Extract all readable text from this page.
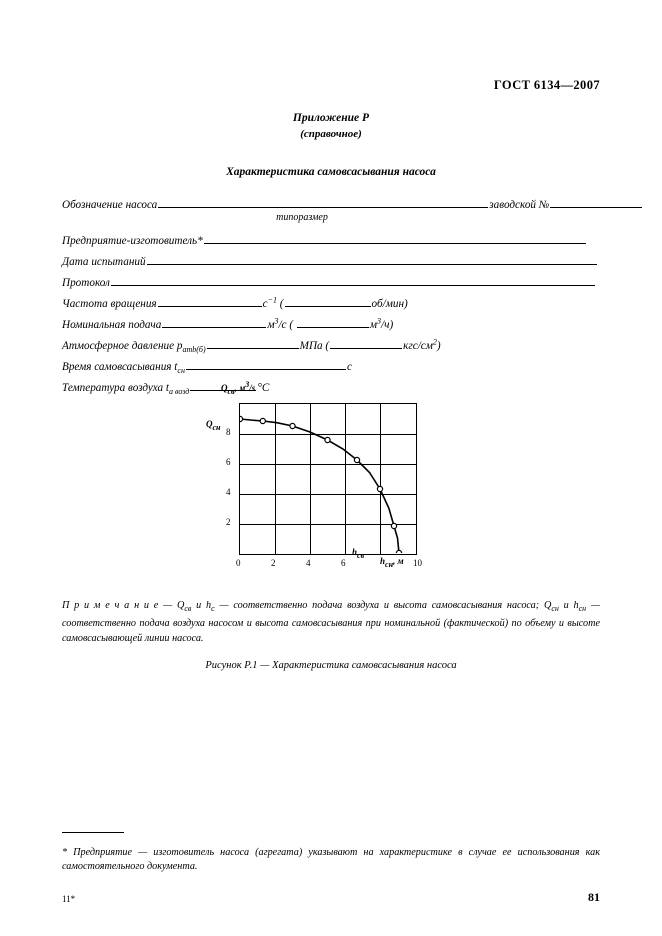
ГОСТ 6134—2007
Приложение Р
(справочное)
Характеристика самовсасывания насоса
Обозначение насоса	заводской №
типоразмер
Предприятие-изготовитель*
Дата испытаний
Протокол
Частота вращения	$с^{-1}$ (	об/мин)
Номинальная подача	$м^3/с$ (	$м^3/ч$)
Атмосферное давление $p_{amb(б)}$	МПа (	кгс/$см^2$)
Время самовсасывания $t_{сн}$	с
Температура воздуха $t_{а возд}$	°С
$Q_{св}$, $м^3/s$
$Q_{сн}$ 8
6
4
2
0	2	4	6	10
$h_{св}$
$h_{сн}$, м
П р и м е ч а н и е — $Q_{св}$ и $h_с$ — соответственно подача воздуха и высота самовсасывания насоса; $Q_{сн}$ и $h_{сн}$ — соответственно подача воздуха насосом и высота самовсасывания при номинальной (фактической) по объему и высоте самовсасывающей линии насоса.
Рисунок Р.1 — Характеристика самовсасывания насоса
* Предприятие — изготовитель насоса (агрегата) указывают на характеристике в случае ее использования как самостоятельного документа.
11*	81
